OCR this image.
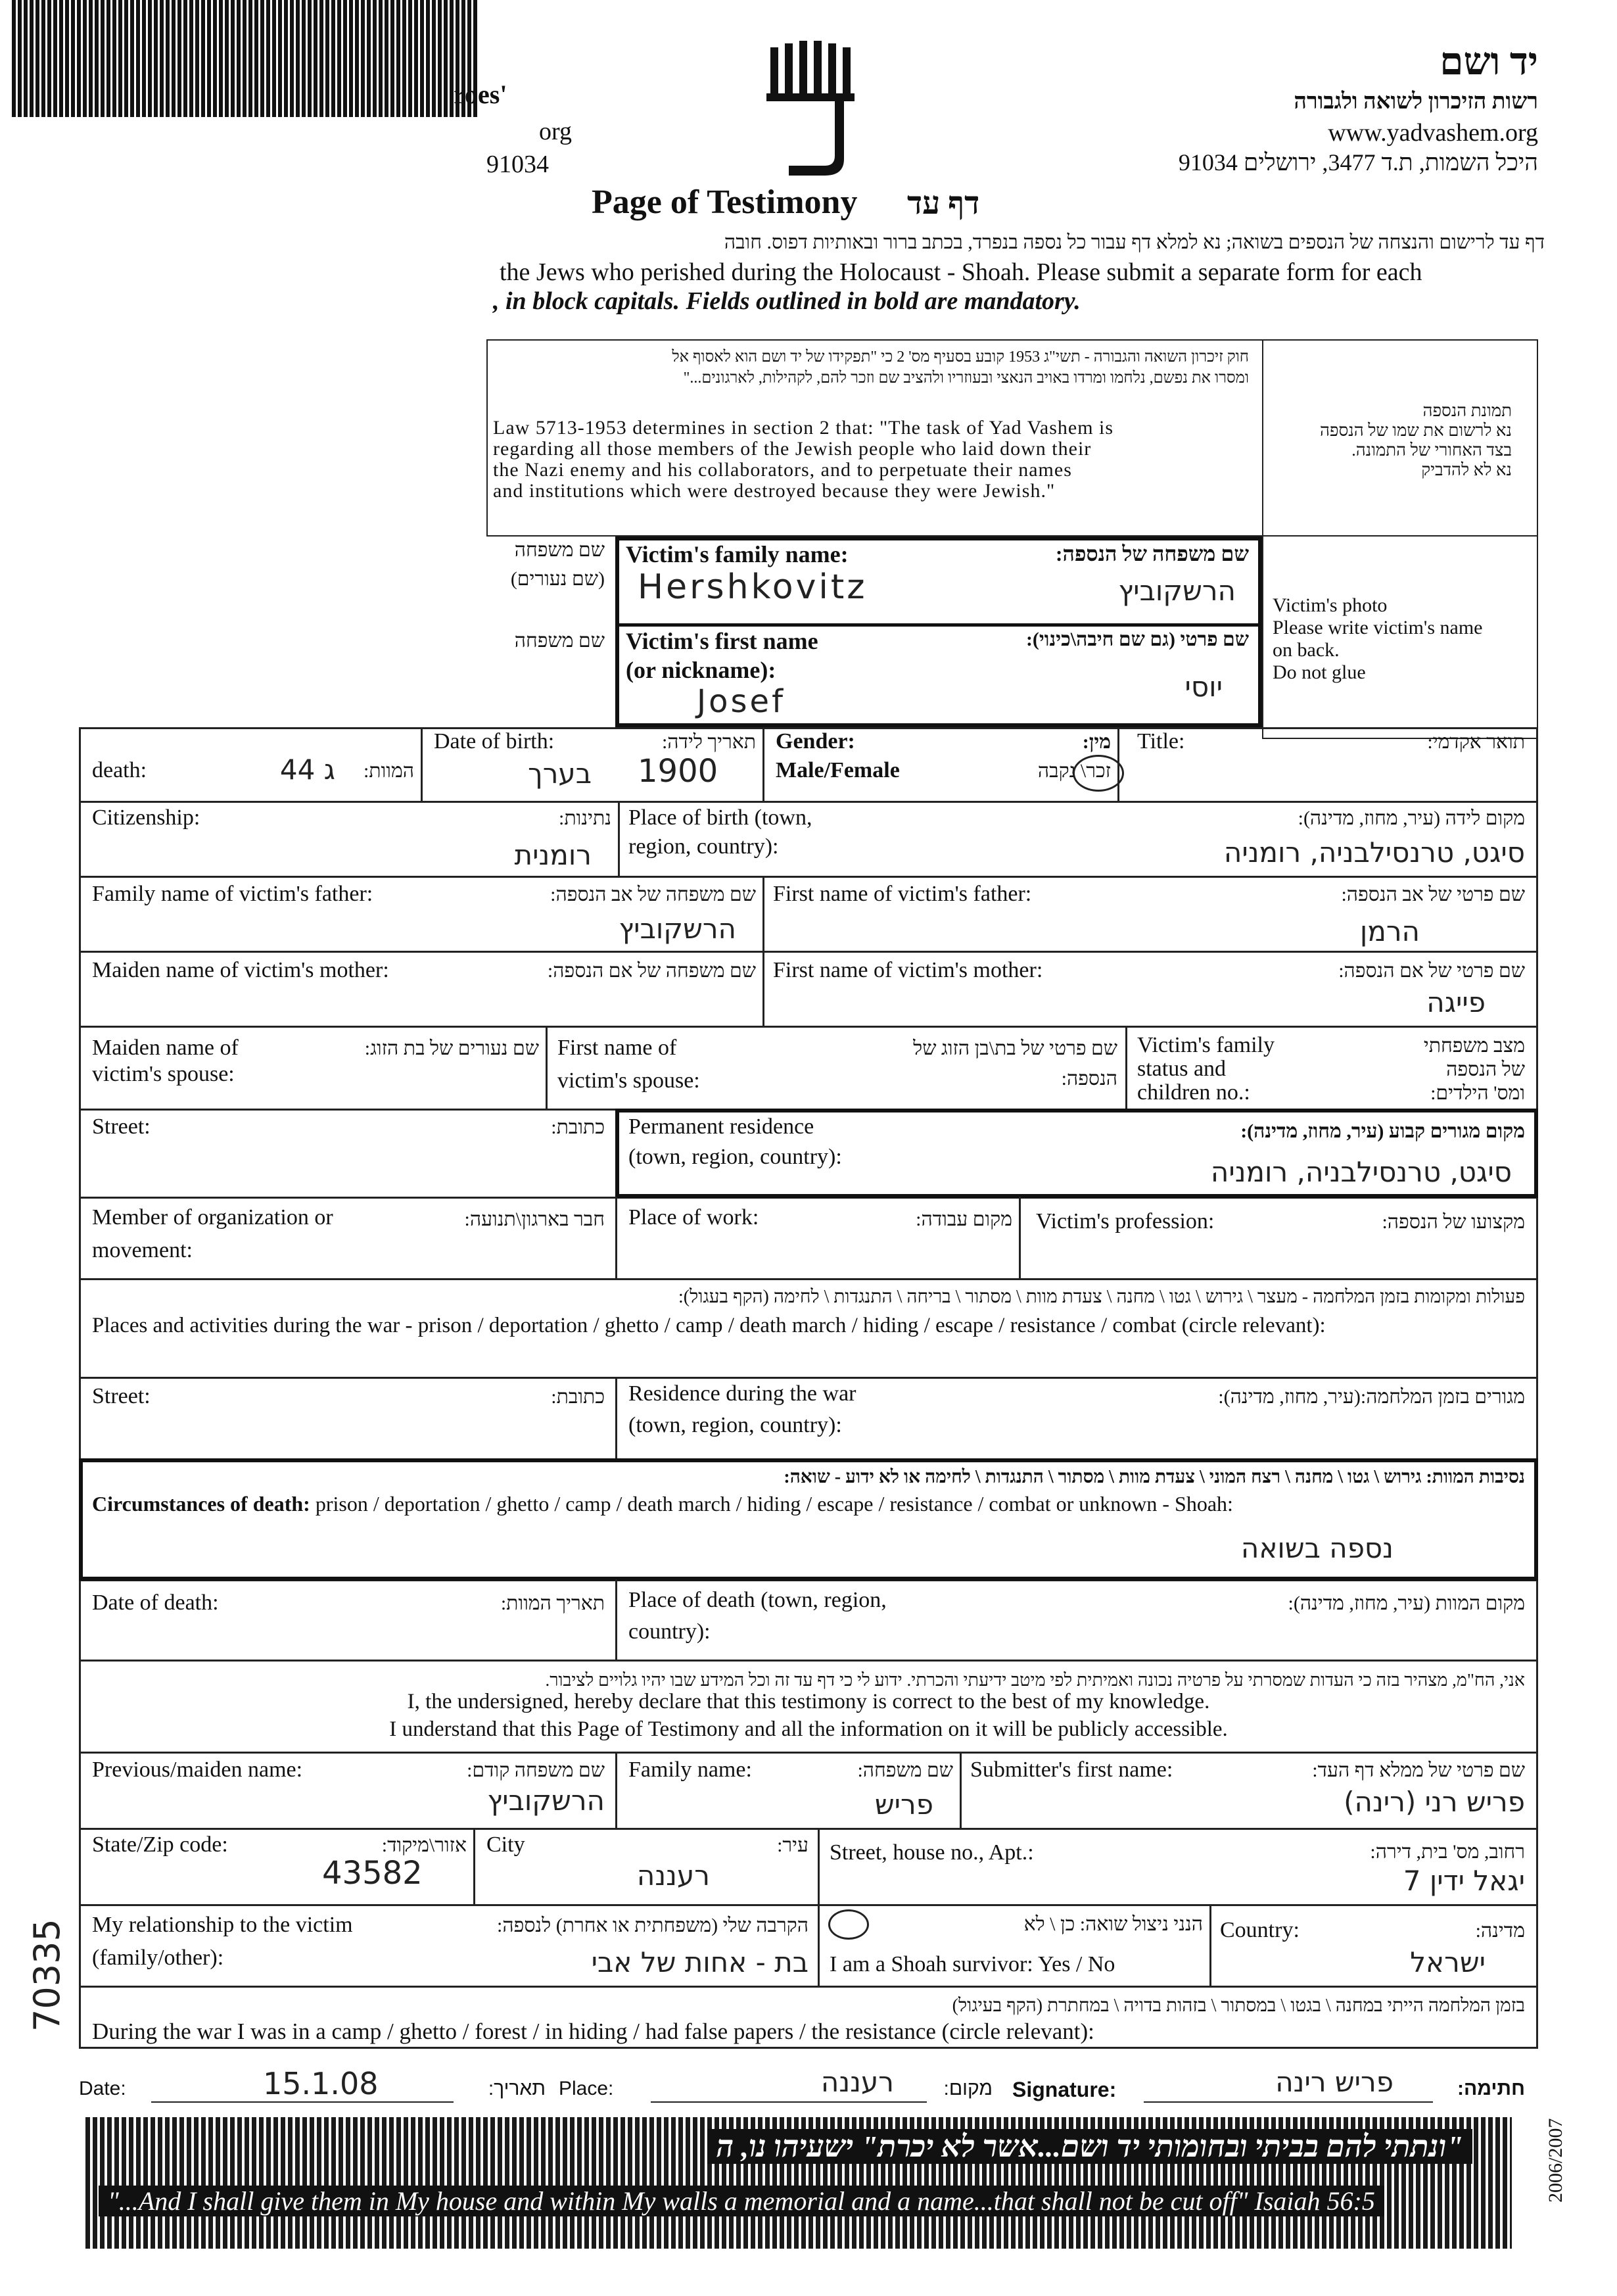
roes'
org
91034
יד ושם
רשות הזיכרון לשואה ולגבורה
www.yadvashem.org
היכל השמות, ת.ד 3477, ירושלים 91034
Page of Testimony דף עד
דף עד לרישום והנצחה של הנספים בשואה; נא למלא דף עבור כל נספה בנפרד, בכתב ברור ובאותיות דפוס. חובה
the Jews who perished during the Holocaust - Shoah. Please submit a separate form for each
, in block capitals. Fields outlined in bold are mandatory.
חוק זיכרון השואה והגבורה - תשי"ג 1953 קובע בסעיף מס' 2 כי "תפקידו של יד ושם הוא לאסוף אל
ומסרו את נפשם, נלחמו ומרדו באויב הנאצי ובעוזריו ולהציב שם וזכר להם, לקהילות, לארגונים..."
Law 5713-1953 determines in section 2 that: "The task of Yad Vashem is
regarding all those members of the Jewish people who laid down their
the Nazi enemy and his collaborators, and to perpetuate their names
and institutions which were destroyed because they were Jewish."
תמונת הנספה
נא לרשום את שמו של הנספה
בצד האחורי של התמונה.
נא לא להדביק
Victim's photo
Please write victim's name
on back.
Do not glue
שם משפחה
(שם נעורים)
שם משפחה
Victim's family name:	שם משפחה של הנספה:
Hershkovitz	הרשקוביץ
Victim's first name
(or nickname):
שם פרטי (גם שם חיבה\כינוי):
Josef	יוסי
death:	המוות:
ג 44
Date of birth:	תאריך לידה:
בערך 1900
Gender:
Male/Female
מין:
זכר\ נקבה
Title:	תואר אקדמי:
Citizenship:	נתינות:
רומנית
Place of birth (town,
region, country):
מקום לידה (עיר, מחוז, מדינה):
סיגט, טרנסילבניה, רומניה
Family name of victim's father:	שם משפחה של אב הנספה:
הרשקוביץ
First name of victim's father:	שם פרטי של אב הנספה:
הרמן
Maiden name of victim's mother:	שם משפחה של אם הנספה: First name of victim's mother:	שם פרטי של אם הנספה:
פייגה
Maiden name of
victim's spouse:
שם נעורים של בת הזוג: First name of
victim's spouse:
שם פרטי של בת\בן הזוג של
הנספה:
Victim's family
status and
children no.:
מצב משפחתי
של הנספה
ומס' הילדים:
Street:	כתובת: Permanent residence
(town, region, country):
מקום מגורים קבוע (עיר, מחוז, מדינה):
סיגט, טרנסילבניה, רומניה
Member of organization or
movement:
חבר בארגון\תנועה: Place of work:	מקום עבודה: Victim's profession:	מקצועו של הנספה:
פעולות ומקומות בזמן המלחמה - מעצר \ גירוש \ גטו \ מחנה \ צעדת מוות \ מסתור \ בריחה \ התנגדות \ לחימה (הקף בעגול):
Places and activities during the war - prison / deportation / ghetto / camp / death march / hiding / escape / resistance / combat (circle relevant):
Street:	כתובת: Residence during the war
(town, region, country):
מגורים בזמן המלחמה:(עיר, מחוז, מדינה):
נסיבות המוות: גירוש \ גטו \ מחנה \ רצח המוני \ צעדת מוות \ מסתור \ התנגדות \ לחימה או לא ידוע - שואה:
Circumstances of death: prison / deportation / ghetto / camp / death march / hiding / escape / resistance / combat or unknown - Shoah:
נספה בשואה
Date of death:	תאריך המוות: Place of death (town, region,
country):
מקום המוות (עיר, מחוז, מדינה):
אני, הח"מ, מצהיר בזה כי העדות שמסרתי על פרטיה נכונה ואמיתית לפי מיטב ידיעתי והכרתי. ידוע לי כי דף עד זה וכל המידע שבו יהיו גלויים לציבור.
I, the undersigned, hereby declare that this testimony is correct to the best of my knowledge.
I understand that this Page of Testimony and all the information on it will be publicly accessible.
Previous/maiden name:	שם משפחה קודם:
הרשקוביץ
Family name:	שם משפחה:
פריש
Submitter's first name:	שם פרטי של ממלא דף העד:
פריש רני (רינה)
State/Zip code:	אזור\מיקוד:
43582
City	עיר:
רעננה
Street, house no., Apt.:	רחוב, מס' בית, דירה:
יגאל ידין 7
My relationship to the victim
(family/other):
הקרבה שלי (משפחתית או אחרת) לנספה:
בת - אחות של אבי
הנני ניצול שואה: כן \ לא
I am a Shoah survivor: Yes / No
Country:	מדינה:
ישראל
70335	בזמן המלחמה הייתי במחנה \ בגטו \ במסתור \ בזהות בדויה \ במחתרת (הקף בעיגול)
During the war I was in a camp / ghetto / forest / in hiding / had false papers / the resistance (circle relevant):
Date:	15.1.08	תאריך: Place:	רעננה	מקום: Signature:	פריש רינה	חתימה:
"ונתתי להם בביתי ובחומותי יד ושם...אשר לא יכרת" ישעיהו נו, ה
"...And I shall give them in My house and within My walls a memorial and a name...that shall not be cut off" Isaiah 56:5	2006/2007
